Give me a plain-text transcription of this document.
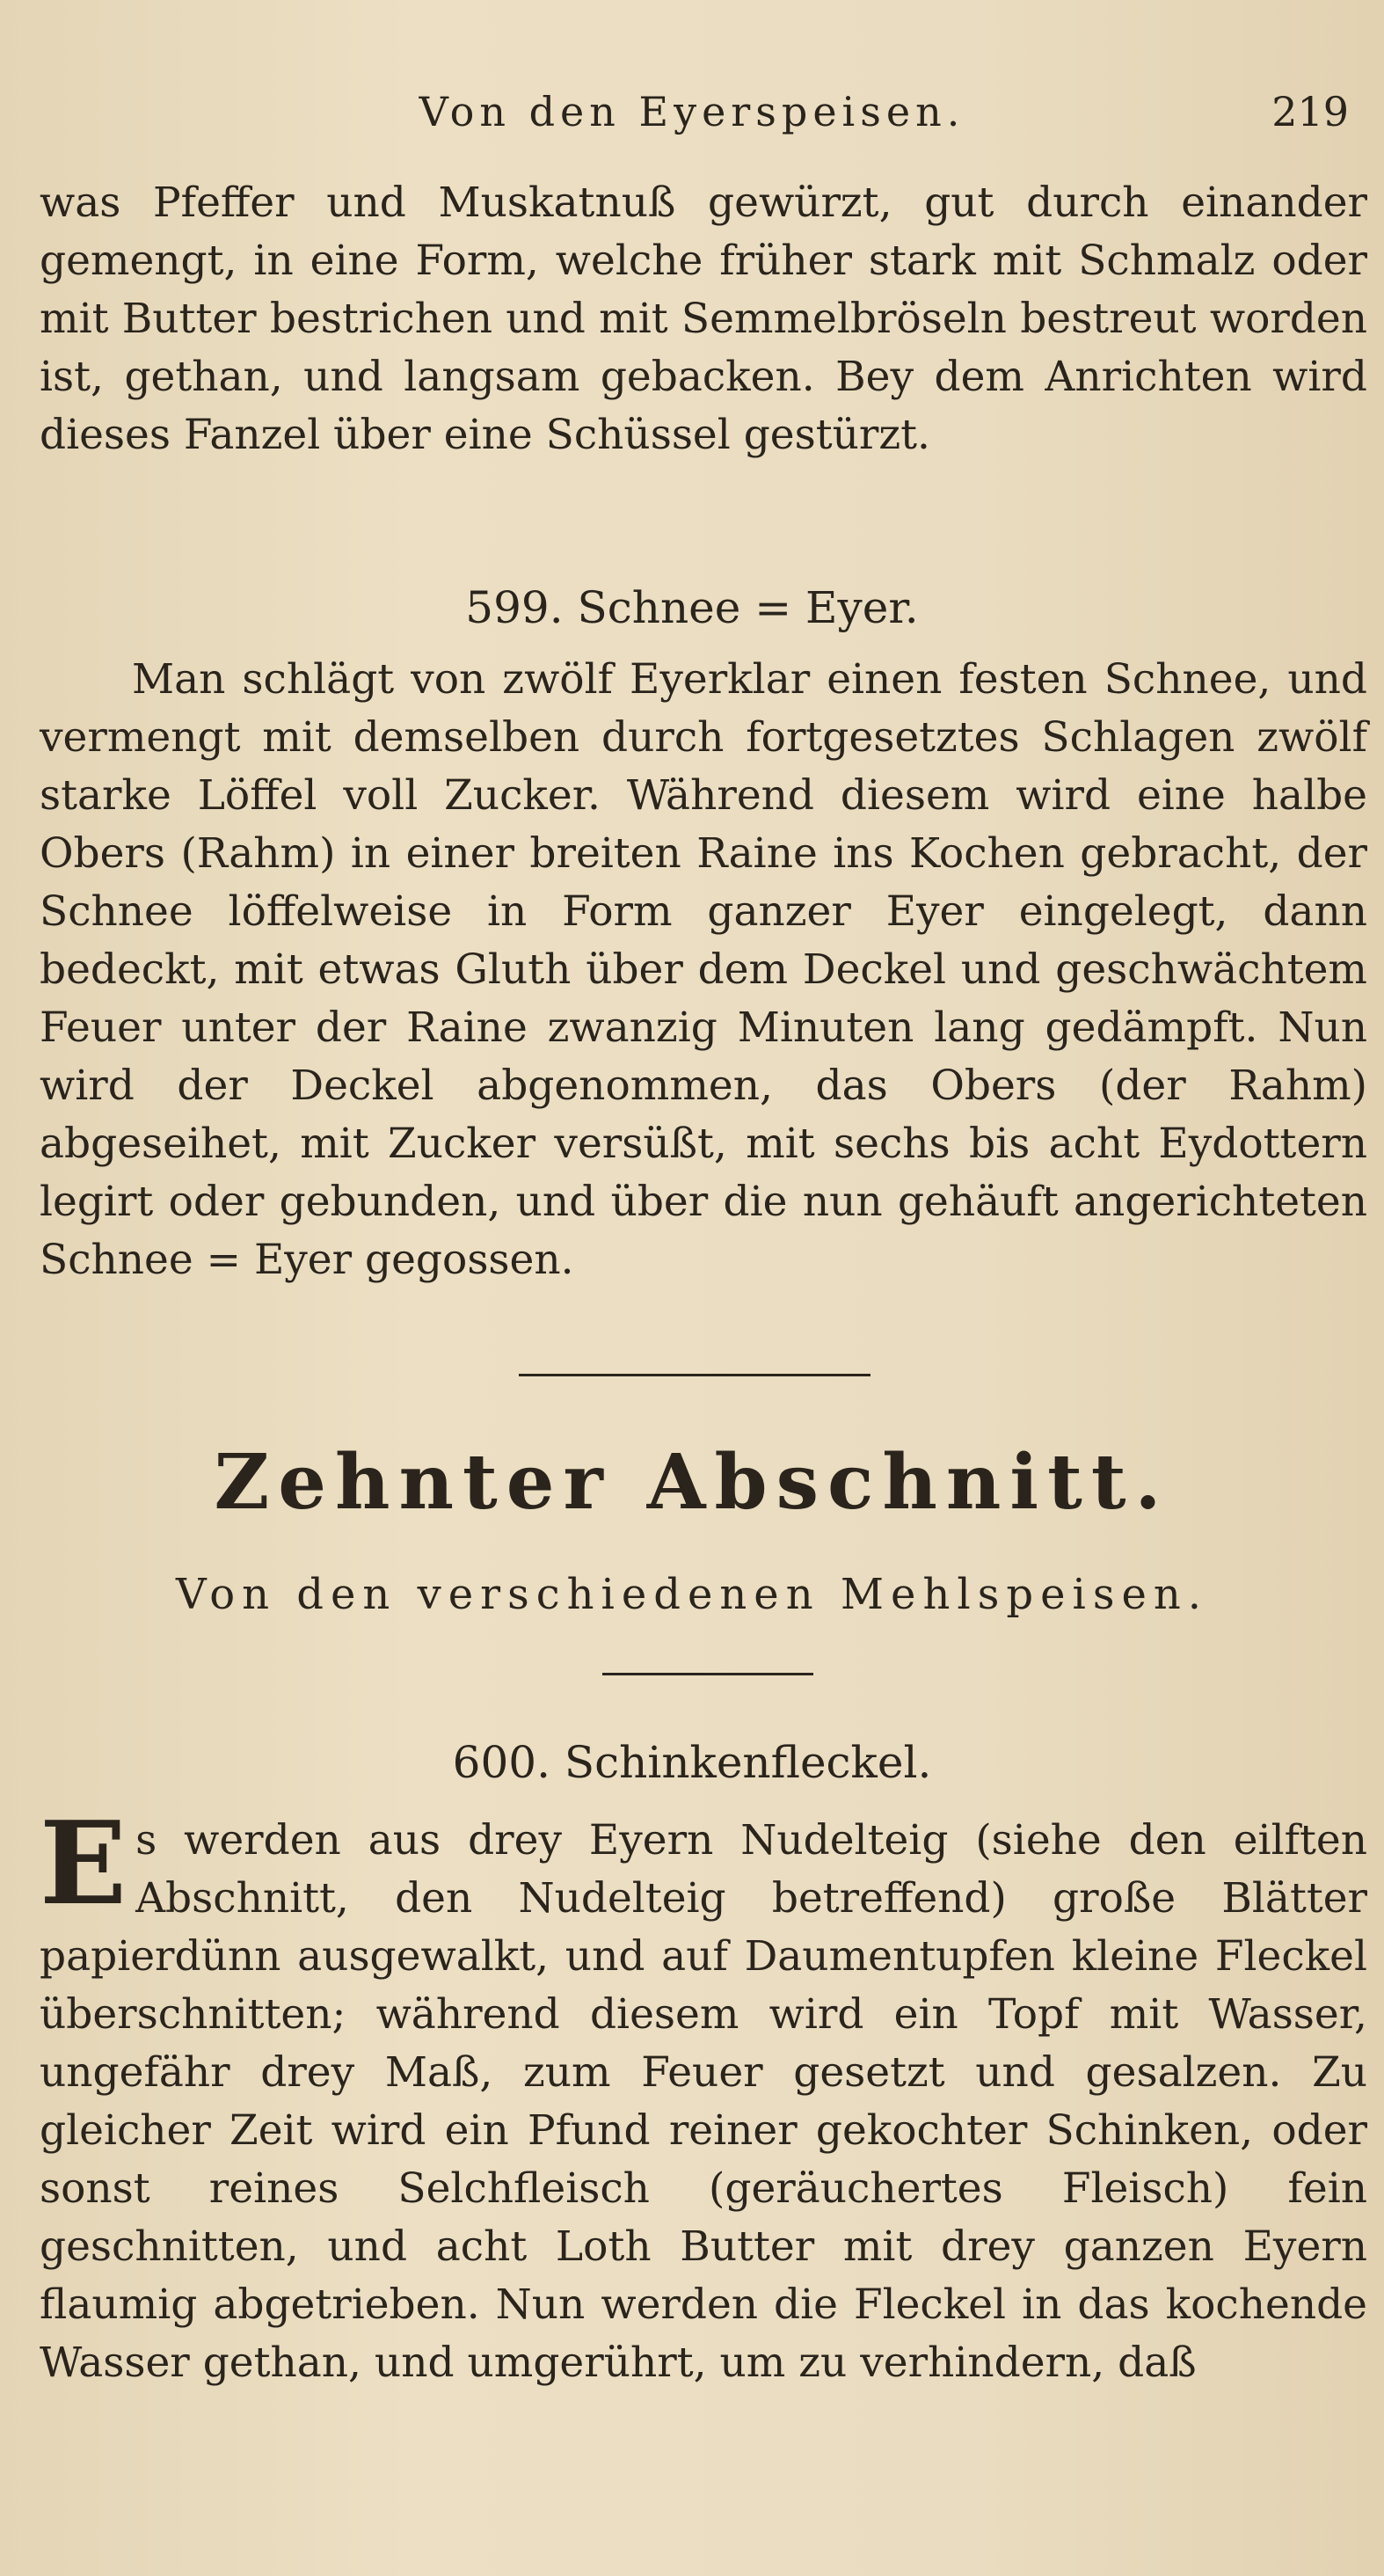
Von den Eyerspeisen.	219

was Pfeffer und Muskatnuß gewürzt, gut durch einander gemengt, in eine Form, welche früher stark mit Schmalz oder mit Butter bestrichen und mit Semmelbröseln bestreut worden ist, gethan, und langsam gebacken. Bey dem Anrichten wird dieses Fanzel über eine Schüssel gestürzt.

599. Schnee = Eyer.

Man schlägt von zwölf Eyerklar einen festen Schnee, und vermengt mit demselben durch fortgesetztes Schlagen zwölf starke Löffel voll Zucker. Während diesem wird eine halbe Obers (Rahm) in einer breiten Raine ins Kochen gebracht, der Schnee löffelweise in Form ganzer Eyer eingelegt, dann bedeckt, mit etwas Gluth über dem Deckel und geschwächtem Feuer unter der Raine zwanzig Minuten lang gedämpft. Nun wird der Deckel abgenommen, das Obers (der Rahm) abgeseihet, mit Zucker versüßt, mit sechs bis acht Eydottern legirt oder gebunden, und über die nun gehäuft angerichteten Schnee = Eyer gegossen.

Zehnter Abschnitt.
Von den verschiedenen Mehlspeisen.
600. Schinkenfleckel.

Es werden aus drey Eyern Nudelteig (siehe den eilften Abschnitt, den Nudelteig betreffend) große Blätter papierdünn ausgewalkt, und auf Daumentupfen kleine Fleckel überschnitten; während diesem wird ein Topf mit Wasser, ungefähr drey Maß, zum Feuer gesetzt und gesalzen. Zu gleicher Zeit wird ein Pfund reiner gekochter Schinken, oder sonst reines Selchfleisch (geräuchertes Fleisch) fein geschnitten, und acht Loth Butter mit drey ganzen Eyern flaumig abgetrieben. Nun werden die Fleckel in das kochende Wasser gethan, und umgerührt, um zu verhindern, daß
